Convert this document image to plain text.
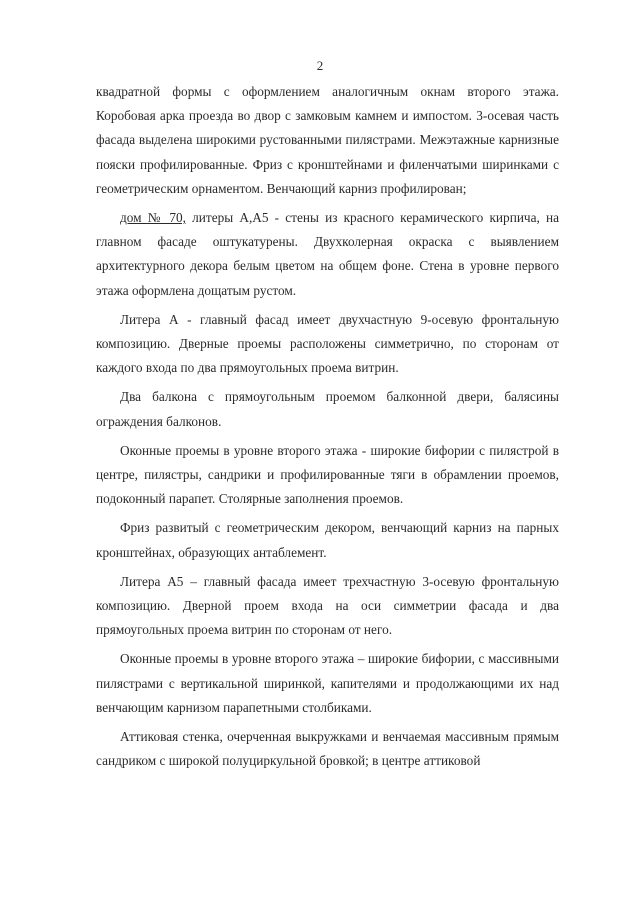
2

квадратной формы с оформлением аналогичным окнам второго этажа. Коробовая арка проезда во двор с замковым камнем и импостом. 3-осевая часть фасада выделена широкими рустованными пилястрами. Межэтажные карнизные пояски профилированные. Фриз с кронштейнами и филенчатыми ширинками с геометрическим орнаментом. Венчающий карниз профилирован;

дом № 70, литеры А,А5 - стены из красного керамического кирпича, на главном фасаде оштукатурены. Двухколерная окраска с выявлением архитектурного декора белым цветом на общем фоне. Стена в уровне первого этажа оформлена дощатым рустом.

Литера А - главный фасад имеет двухчастную 9-осевую фронтальную композицию. Дверные проемы расположены симметрично, по сторонам от каждого входа по два прямоугольных проема витрин.

Два балкона с прямоугольным проемом балконной двери, балясины ограждения балконов.

Оконные проемы в уровне второго этажа - широкие бифории с пилястрой в центре, пилястры, сандрики и профилированные тяги в обрамлении проемов, подоконный парапет. Столярные заполнения проемов.

Фриз развитый с геометрическим декором, венчающий карниз на парных кронштейнах, образующих антаблемент.

Литера А5 – главный фасада имеет трехчастную 3-осевую фронтальную композицию. Дверной проем входа на оси симметрии фасада и два прямоугольных проема витрин по сторонам от него.

Оконные проемы в уровне второго этажа – широкие бифории, с массивными пилястрами с вертикальной ширинкой, капителями и продолжающими их над венчающим карнизом парапетными столбиками.

Аттиковая стенка, очерченная выкружками и венчаемая массивным прямым сандриком с широкой полуциркульной бровкой; в центре аттиковой
